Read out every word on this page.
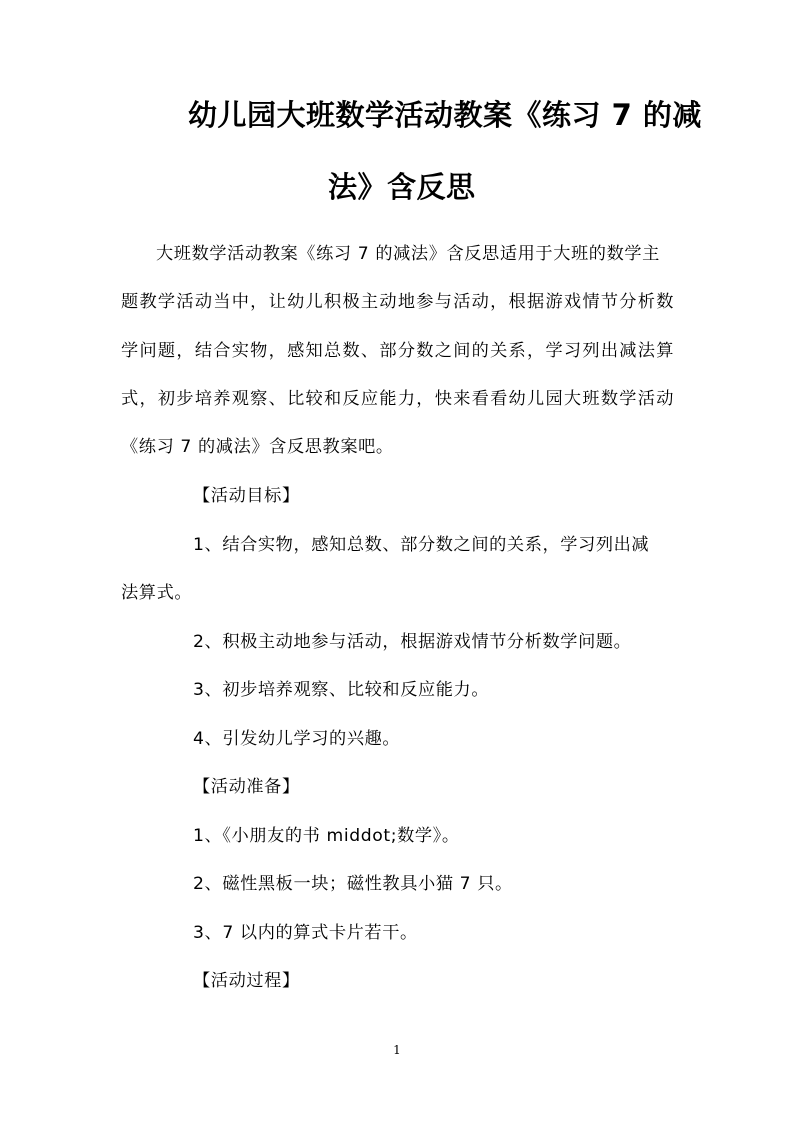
幼儿园大班数学活动教案《练习 7 的减
法》含反思
大班数学活动教案《练习 7 的减法》含反思适用于大班的数学主
题教学活动当中，让幼儿积极主动地参与活动，根据游戏情节分析数
学问题，结合实物，感知总数、部分数之间的关系，学习列出减法算
式，初步培养观察、比较和反应能力，快来看看幼儿园大班数学活动
《练习 7 的减法》含反思教案吧。
【活动目标】
1、结合实物，感知总数、部分数之间的关系，学习列出减
法算式。
2、积极主动地参与活动，根据游戏情节分析数学问题。
3、初步培养观察、比较和反应能力。
4、引发幼儿学习的兴趣。
【活动准备】
1、《小朋友的书 middot;数学》。
2、磁性黑板一块；磁性教具小猫 7 只。
3、7 以内的算式卡片若干。
【活动过程】
1
